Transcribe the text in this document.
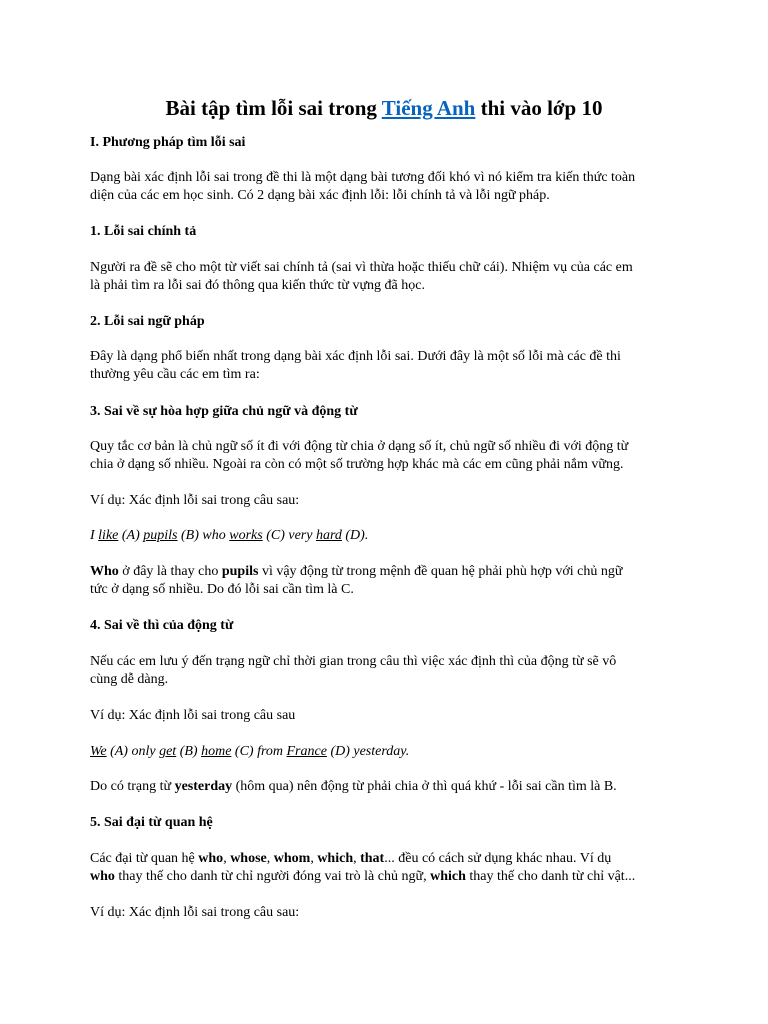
Bài tập tìm lỗi sai trong Tiếng Anh thi vào lớp 10

I. Phương pháp tìm lỗi sai

Dạng bài xác định lỗi sai trong đề thi là một dạng bài tương đối khó vì nó kiểm tra kiến thức toàn
diện của các em học sinh. Có 2 dạng bài xác định lỗi: lỗi chính tả và lỗi ngữ pháp.

1. Lỗi sai chính tả

Người ra đề sẽ cho một từ viết sai chính tả (sai vì thừa hoặc thiếu chữ cái). Nhiệm vụ của các em
là phải tìm ra lỗi sai đó thông qua kiến thức từ vựng đã học.

2. Lỗi sai ngữ pháp

Đây là dạng phổ biến nhất trong dạng bài xác định lỗi sai. Dưới đây là một số lỗi mà các đề thi
thường yêu cầu các em tìm ra:

3. Sai về sự hòa hợp giữa chủ ngữ và động từ

Quy tắc cơ bản là chủ ngữ số ít đi với động từ chia ở dạng số ít, chủ ngữ số nhiều đi với động từ
chia ở dạng số nhiều. Ngoài ra còn có một số trường hợp khác mà các em cũng phải nắm vững.

Ví dụ: Xác định lỗi sai trong câu sau:

I like (A) pupils (B) who works (C) very hard (D).

Who ở đây là thay cho pupils vì vậy động từ trong mệnh đề quan hệ phải phù hợp với chủ ngữ
tức ở dạng số nhiều. Do đó lỗi sai cần tìm là C.

4. Sai về thì của động từ

Nếu các em lưu ý đến trạng ngữ chỉ thời gian trong câu thì việc xác định thì của động từ sẽ vô
cùng dễ dàng.

Ví dụ: Xác định lỗi sai trong câu sau

We (A) only get (B) home (C) from France (D) yesterday.

Do có trạng từ yesterday (hôm qua) nên động từ phải chia ở thì quá khứ - lỗi sai cần tìm là B.

5. Sai đại từ quan hệ

Các đại từ quan hệ who, whose, whom, which, that... đều có cách sử dụng khác nhau. Ví dụ
who thay thế cho danh từ chỉ người đóng vai trò là chủ ngữ, which thay thế cho danh từ chỉ vật...

Ví dụ: Xác định lỗi sai trong câu sau:
